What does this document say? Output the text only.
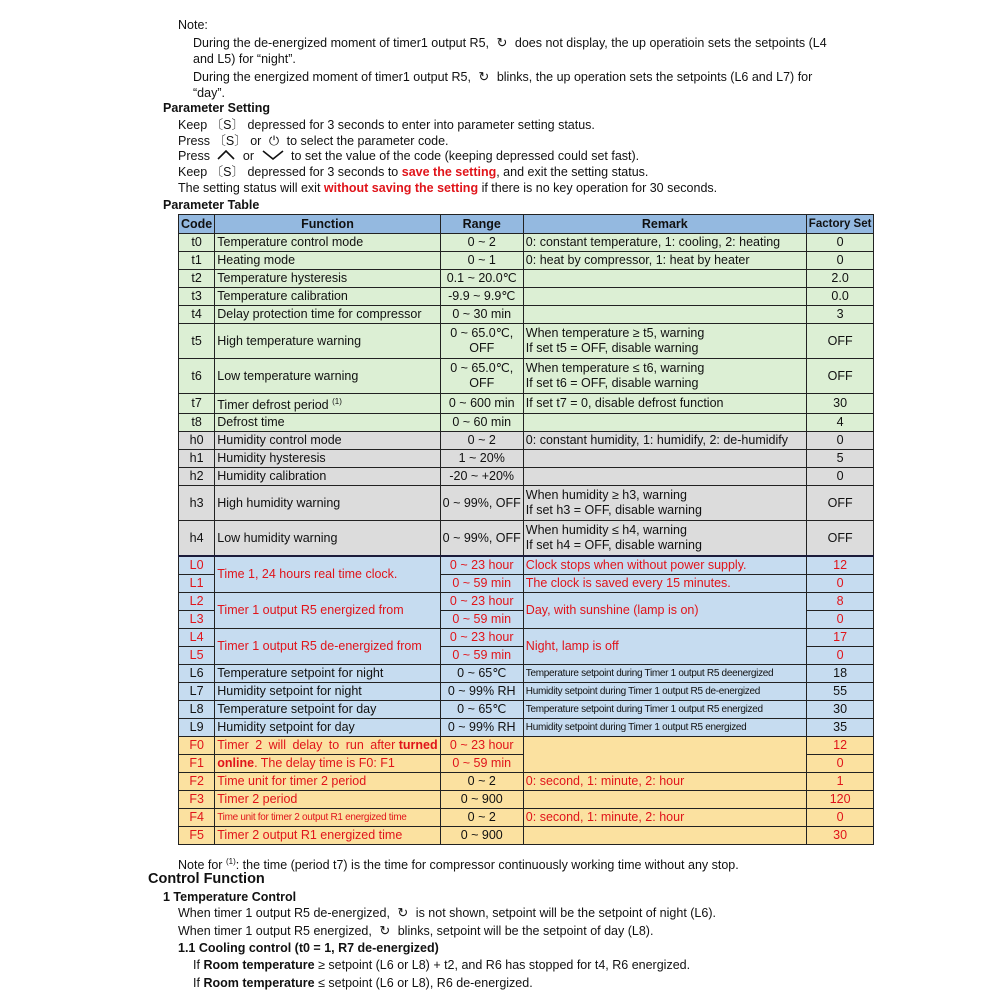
Note:
During the de-energized moment of timer1 output R5, ↻ does not display, the up operatioin sets the setpoints (L4
and L5) for “night”.
During the energized moment of timer1 output R5, ↻ blinks, the up operation sets the setpoints (L6 and L7) for
“day”.
Parameter Setting
Keep 〔S〕 depressed for 3 seconds to enter into parameter setting status.
Press 〔S〕 or ⏻ to select the parameter code.
Press	or	to set the value of the code (keeping depressed could set fast).
Keep 〔S〕 depressed for 3 seconds to save the setting, and exit the setting status.
The setting status will exit without saving the setting if there is no key operation for 30 seconds.
Parameter Table
Code	Function	Range	Remark	Factory Set
t0	Temperature control mode	0 ~ 2	0: constant temperature, 1: cooling, 2: heating	0
t1	Heating mode	0 ~ 1	0: heat by compressor, 1: heat by heater	0
t2	Temperature hysteresis	0.1 ~ 20.0℃		2.0
t3	Temperature calibration	-9.9 ~ 9.9℃		0.0
t4	Delay protection time for compressor	0 ~ 30 min		3
t5	High temperature warning	0 ~ 65.0℃,
OFF	When temperature ≥ t5, warning
If set t5 = OFF, disable warning	OFF
t6	Low temperature warning	0 ~ 65.0℃,
OFF	When temperature ≤ t6, warning
If set t6 = OFF, disable warning	OFF
t7	Timer defrost period $^{(1)}$	0 ~ 600 min	If set t7 = 0, disable defrost function	30
t8	Defrost time	0 ~ 60 min		4
h0	Humidity control mode	0 ~ 2	0: constant humidity, 1: humidify, 2: de-humidify	0
h1	Humidity hysteresis	1 ~ 20%		5
h2	Humidity calibration	-20 ~ +20%		0
h3	High humidity warning	0 ~ 99%, OFF	When humidity ≥ h3, warning
If set h3 = OFF, disable warning	OFF
h4	Low humidity warning	0 ~ 99%, OFF	When humidity ≤ h4, warning
If set h4 = OFF, disable warning	OFF
L0	Time 1, 24 hours real time clock.	0 ~ 23 hour	Clock stops when without power supply.	12
L1		0 ~ 59 min	The clock is saved every 15 minutes.	0
L2	Timer 1 output R5 energized from	0 ~ 23 hour	Day, with sunshine (lamp is on)	8
L3		0 ~ 59 min		0
L4	Timer 1 output R5 de-energized from	0 ~ 23 hour	Night, lamp is off	17
L5		0 ~ 59 min		0
L6	Temperature setpoint for night	0 ~ 65℃	Temperature setpoint during Timer 1 output R5 deenergized	18
L7	Humidity setpoint for night	0 ~ 99% RH	Humidity setpoint during Timer 1 output R5 de-energized	55
L8	Temperature setpoint for day	0 ~ 65℃	Temperature setpoint during Timer 1 output R5 energized	30
L9	Humidity setpoint for day	0 ~ 99% RH	Humidity setpoint during Timer 1 output R5 energized	35
F0	Timer 2 will delay to run after turned	0 ~ 23 hour		12
F1	online. The delay time is F0: F1	0 ~ 59 min		0
F2	Time unit for timer 2 period	0 ~ 2	0: second, 1: minute, 2: hour	1
F3	Timer 2 period	0 ~ 900		120
F4	Time unit for timer 2 output R1 energized time	0 ~ 2	0: second, 1: minute, 2: hour	0
F5	Timer 2 output R1 energized time	0 ~ 900		30
Note for $^{(1)}$: the time (period t7) is the time for compressor continuously working time without any stop.
Control Function
1 Temperature Control
When timer 1 output R5 de-energized, ↻ is not shown, setpoint will be the setpoint of night (L6).
When timer 1 output R5 energized, ↻ blinks, setpoint will be the setpoint of day (L8).
1.1 Cooling control (t0 = 1, R7 de-energized)
If Room temperature ≥ setpoint (L6 or L8) + t2, and R6 has stopped for t4, R6 energized.
If Room temperature ≤ setpoint (L6 or L8), R6 de-energized.
